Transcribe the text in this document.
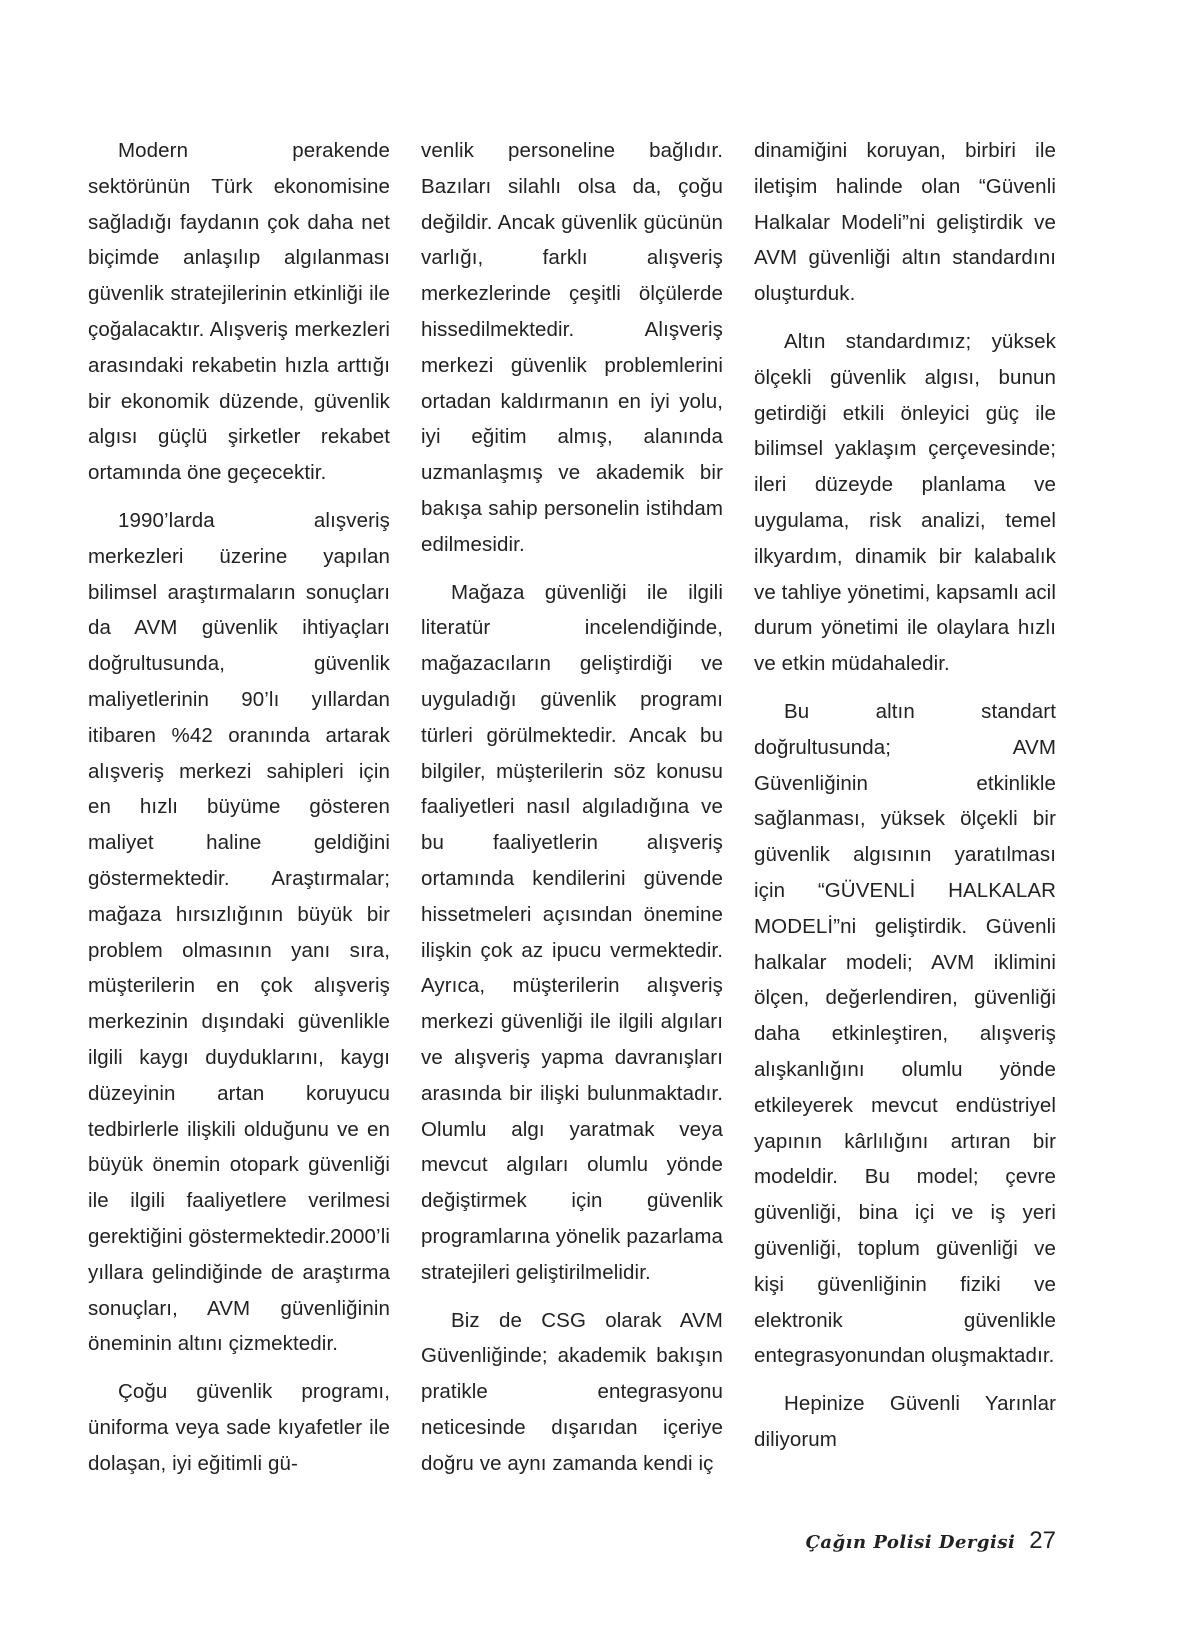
Modern perakende sektörünün Türk ekonomisine sağladığı faydanın çok daha net biçimde anlaşılıp algılanması güvenlik stratejilerinin etkinliği ile çoğalacaktır. Alışveriş merkezleri arasındaki rekabetin hızla arttığı bir ekonomik düzende, güvenlik algısı güçlü şirketler rekabet ortamında öne geçecektir.

1990’larda alışveriş merkezleri üzerine yapılan bilimsel araştırmaların sonuçları da AVM güvenlik ihtiyaçları doğrultusunda, güvenlik maliyetlerinin 90’lı yıllardan itibaren %42 oranında artarak alışveriş merkezi sahipleri için en hızlı büyüme gösteren maliyet haline geldiğini göstermektedir. Araştırmalar; mağaza hırsızlığının büyük bir problem olmasının yanı sıra, müşterilerin en çok alışveriş merkezinin dışındaki güvenlikle ilgili kaygı duyduklarını, kaygı düzeyinin artan koruyucu tedbirlerle ilişkili olduğunu ve en büyük önemin otopark güvenliği ile ilgili faaliyetlere verilmesi gerektiğini göstermektedir.2000’li yıllara gelindiğinde de araştırma sonuçları, AVM güvenliğinin öneminin altını çizmektedir.

Çoğu güvenlik programı, üniforma veya sade kıyafetler ile dolaşan, iyi eğitimli gü-

venlik personeline bağlıdır. Bazıları silahlı olsa da, çoğu değildir. Ancak güvenlik gücünün varlığı, farklı alışveriş merkezlerinde çeşitli ölçülerde hissedilmektedir. Alışveriş merkezi güvenlik problemlerini ortadan kaldırmanın en iyi yolu, iyi eğitim almış, alanında uzmanlaşmış ve akademik bir bakışa sahip personelin istihdam edilmesidir.

Mağaza güvenliği ile ilgili literatür incelendiğinde, mağazacıların geliştirdiği ve uyguladığı güvenlik programı türleri görülmektedir. Ancak bu bilgiler, müşterilerin söz konusu faaliyetleri nasıl algıladığına ve bu faaliyetlerin alışveriş ortamında kendilerini güvende hissetmeleri açısından önemine ilişkin çok az ipucu vermektedir. Ayrıca, müşterilerin alışveriş merkezi güvenliği ile ilgili algıları ve alışveriş yapma davranışları arasında bir ilişki bulunmaktadır. Olumlu algı yaratmak veya mevcut algıları olumlu yönde değiştirmek için güvenlik programlarına yönelik pazarlama stratejileri geliştirilmelidir.

Biz de CSG olarak AVM Güvenliğinde; akademik bakışın pratikle entegrasyonu neticesinde dışarıdan içeriye doğru ve aynı zamanda kendi iç

dinamiğini koruyan, birbiri ile iletişim halinde olan “Güvenli Halkalar Modeli”ni geliştirdik ve AVM güvenliği altın standardını oluşturduk.

Altın standardımız; yüksek ölçekli güvenlik algısı, bunun getirdiği etkili önleyici güç ile bilimsel yaklaşım çerçevesinde; ileri düzeyde planlama ve uygulama, risk analizi, temel ilkyardım, dinamik bir kalabalık ve tahliye yönetimi, kapsamlı acil durum yönetimi ile olaylara hızlı ve etkin müdahaledir.

Bu altın standart doğrultusunda; AVM Güvenliğinin etkinlikle sağlanması, yüksek ölçekli bir güvenlik algısının yaratılması için “GÜVENLİ HALKALAR MODELİ”ni geliştirdik. Güvenli halkalar modeli; AVM iklimini ölçen, değerlendiren, güvenliği daha etkinleştiren, alışveriş alışkanlığını olumlu yönde etkileyerek mevcut endüstriyel yapının kârlılığını artıran bir modeldir. Bu model; çevre güvenliği, bina içi ve iş yeri güvenliği, toplum güvenliği ve kişi güvenliğinin fiziki ve elektronik güvenlikle entegrasyonundan oluşmaktadır.

Hepinize Güvenli Yarınlar diliyorum

Çağın Polisi Dergisi 27
